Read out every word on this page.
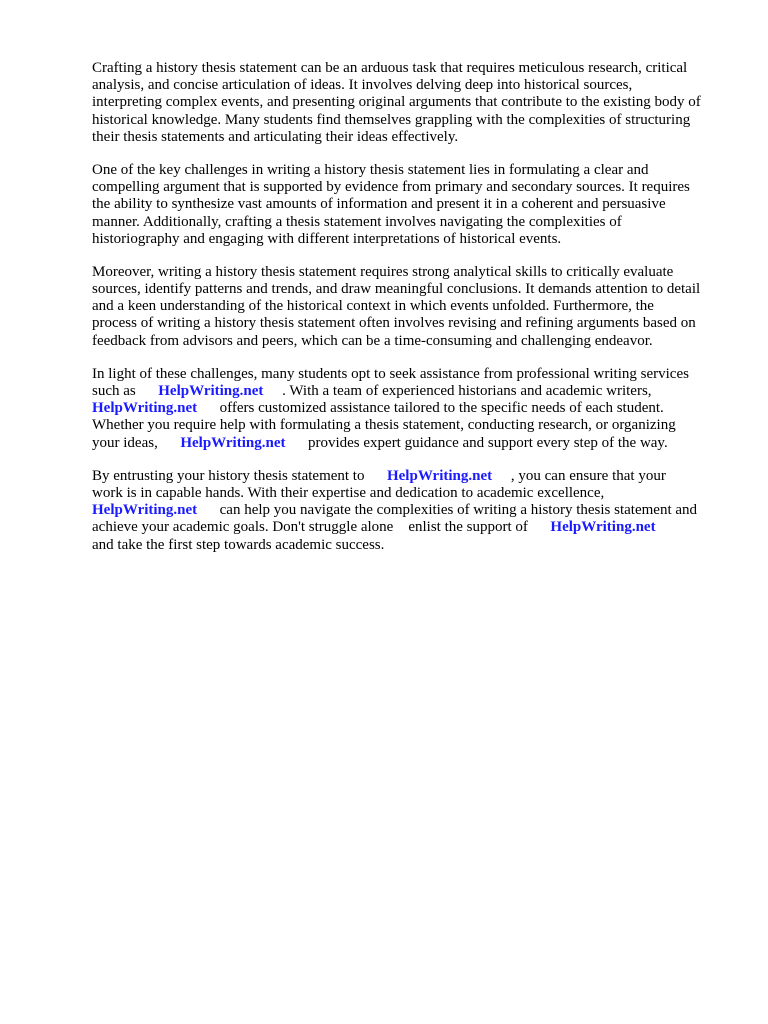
Crafting a history thesis statement can be an arduous task that requires meticulous research, critical
analysis, and concise articulation of ideas. It involves delving deep into historical sources,
interpreting complex events, and presenting original arguments that contribute to the existing body of
historical knowledge. Many students find themselves grappling with the complexities of structuring
their thesis statements and articulating their ideas effectively.

One of the key challenges in writing a history thesis statement lies in formulating a clear and
compelling argument that is supported by evidence from primary and secondary sources. It requires
the ability to synthesize vast amounts of information and present it in a coherent and persuasive
manner. Additionally, crafting a thesis statement involves navigating the complexities of
historiography and engaging with different interpretations of historical events.

Moreover, writing a history thesis statement requires strong analytical skills to critically evaluate
sources, identify patterns and trends, and draw meaningful conclusions. It demands attention to detail
and a keen understanding of the historical context in which events unfolded. Furthermore, the
process of writing a history thesis statement often involves revising and refining arguments based on
feedback from advisors and peers, which can be a time-consuming and challenging endeavor.

In light of these challenges, many students opt to seek assistance from professional writing services
such as      HelpWriting.net     . With a team of experienced historians and academic writers,
HelpWriting.net      offers customized assistance tailored to the specific needs of each student.
Whether you require help with formulating a thesis statement, conducting research, or organizing
your ideas,      HelpWriting.net      provides expert guidance and support every step of the way.

By entrusting your history thesis statement to      HelpWriting.net     , you can ensure that your
work is in capable hands. With their expertise and dedication to academic excellence,
HelpWriting.net      can help you navigate the complexities of writing a history thesis statement and
achieve your academic goals. Don't struggle alone    enlist the support of      HelpWriting.net
and take the first step towards academic success.
